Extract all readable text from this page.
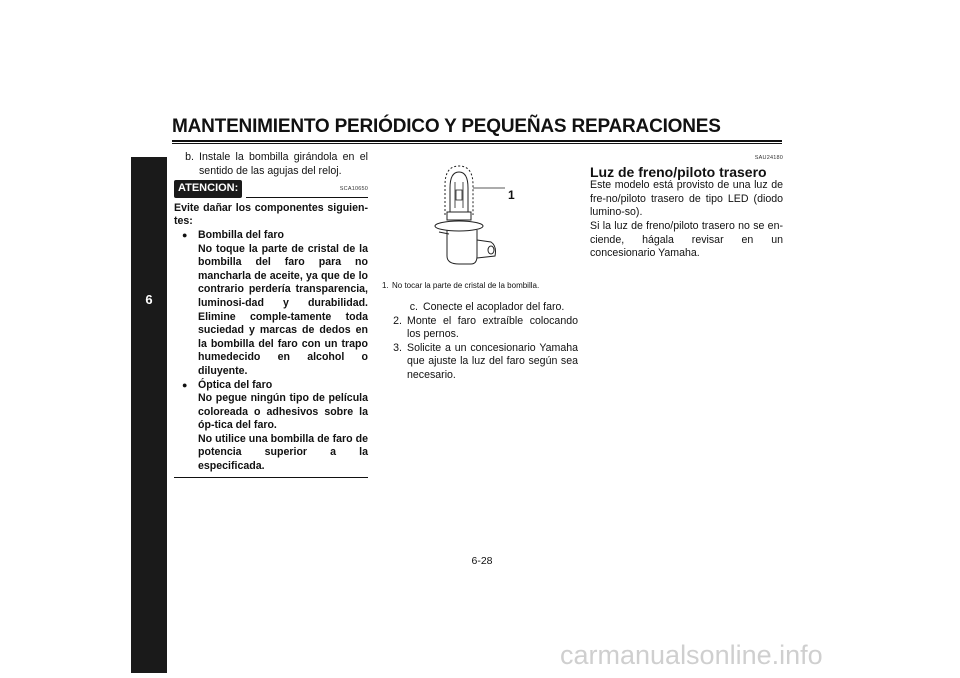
MANTENIMIENTO PERIÓDICO Y PEQUEÑAS REPARACIONES
6
b. Instale la bombilla girándola en el sentido de las agujas del reloj.

ATENCION:	SCA10650

Evite dañar los componentes siguien-tes:

● Bombilla del faro

No toque la parte de cristal de la bombilla del faro para no mancharla de aceite, ya que de lo contrario perdería transparencia, luminosi-dad y durabilidad. Elimine comple-tamente toda suciedad y marcas de dedos en la bombilla del faro con un trapo humedecido en alcohol o diluyente.

● Óptica del faro

No pegue ningún tipo de película coloreada o adhesivos sobre la óp-tica del faro.

No utilice una bombilla de faro de potencia superior a la especificada.

1
1. No tocar la parte de cristal de la bombilla.

c. Conecte el acoplador del faro.

2. Monte el faro extraíble colocando los pernos.

3. Solicite a un concesionario Yamaha que ajuste la luz del faro según sea necesario.

SAU24180
Luz de freno/piloto trasero

Este modelo está provisto de una luz de fre-no/piloto trasero de tipo LED (diodo lumino-so).

Si la luz de freno/piloto trasero no se en-ciende, hágala revisar en un concesionario Yamaha.

6-28
carmanualsonline.info
